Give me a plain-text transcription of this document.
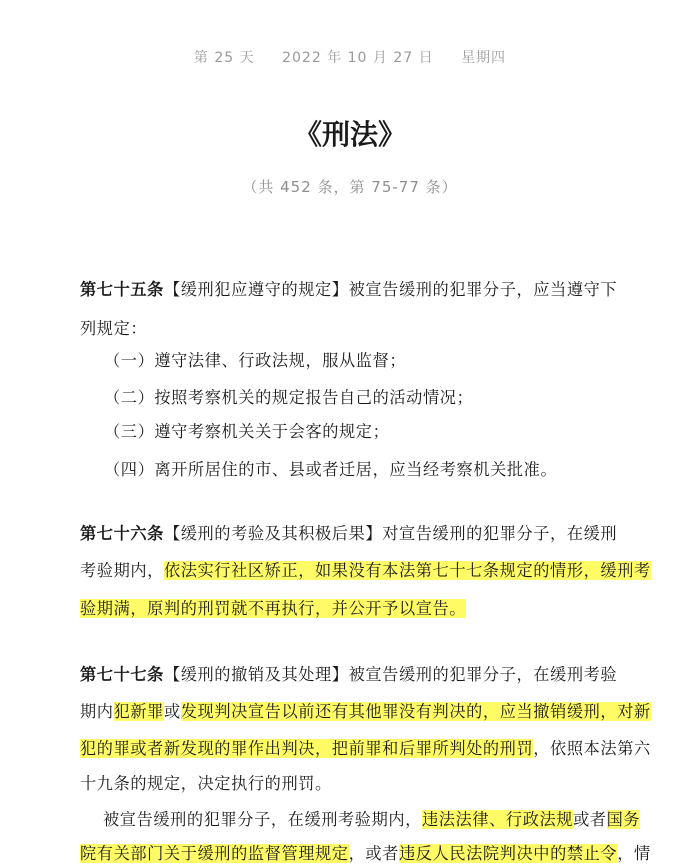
第 25 天 2022 年 10 月 27 日 星期四
《刑法》
（共 452 条，第 75-77 条）
第七十五条【缓刑犯应遵守的规定】被宣告缓刑的犯罪分子，应当遵守下
列规定：
（一）遵守法律、行政法规，服从监督；
（二）按照考察机关的规定报告自己的活动情况；
（三）遵守考察机关关于会客的规定；
（四）离开所居住的市、县或者迁居，应当经考察机关批准。
第七十六条【缓刑的考验及其积极后果】对宣告缓刑的犯罪分子，在缓刑
考验期内，依法实行社区矫正，如果没有本法第七十七条规定的情形，缓刑考
验期满，原判的刑罚就不再执行，并公开予以宣告。
第七十七条【缓刑的撤销及其处理】被宣告缓刑的犯罪分子，在缓刑考验
期内犯新罪或发现判决宣告以前还有其他罪没有判决的，应当撤销缓刑，对新
犯的罪或者新发现的罪作出判决，把前罪和后罪所判处的刑罚，依照本法第六
十九条的规定，决定执行的刑罚。
被宣告缓刑的犯罪分子，在缓刑考验期内，违法法律、行政法规或者国务
院有关部门关于缓刑的监督管理规定，或者违反人民法院判决中的禁止令，情
